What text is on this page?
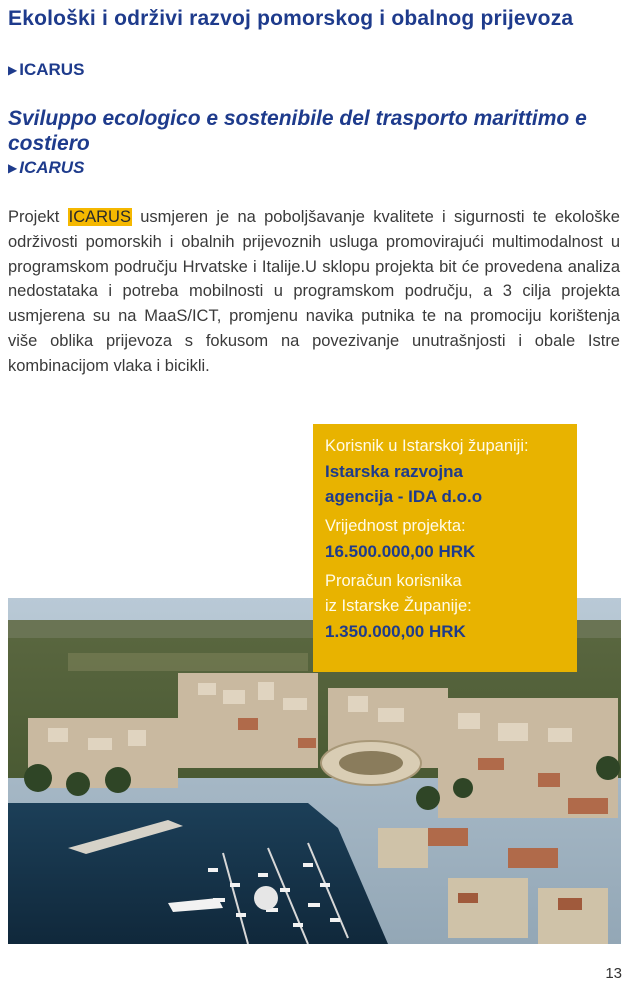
Ekološki i održivi razvoj pomorskog i obalnog prijevoza
▶ ICARUS
Sviluppo ecologico e sostenibile del trasporto marittimo e costiero
▶ ICARUS

Projekt ICARUS usmjeren je na poboljšavanje kvalitete i sigurnosti te ekološke održivosti pomorskih i obalnih prijevoznih usluga promovirajući multimodalnost u programskom području Hrvatske i Italije.U sklopu projekta bit će provedena analiza nedostataka i potreba mobilnosti u programskom području, a 3 cilja projekta usmjerena su na MaaS/ICT, promjenu navika putnika te na promociju korištenja više oblika prijevoza s fokusom na povezivanje unutrašnjosti i obale Istre kombinacijom vlaka i bicikli.

Korisnik u Istarskoj županiji:
Istarska razvojna
agencija - IDA d.o.o
Vrijednost projekta:
16.500.000,00 HRK
Proračun korisnika
iz Istarske Županije:
1.350.000,00 HRK
13
